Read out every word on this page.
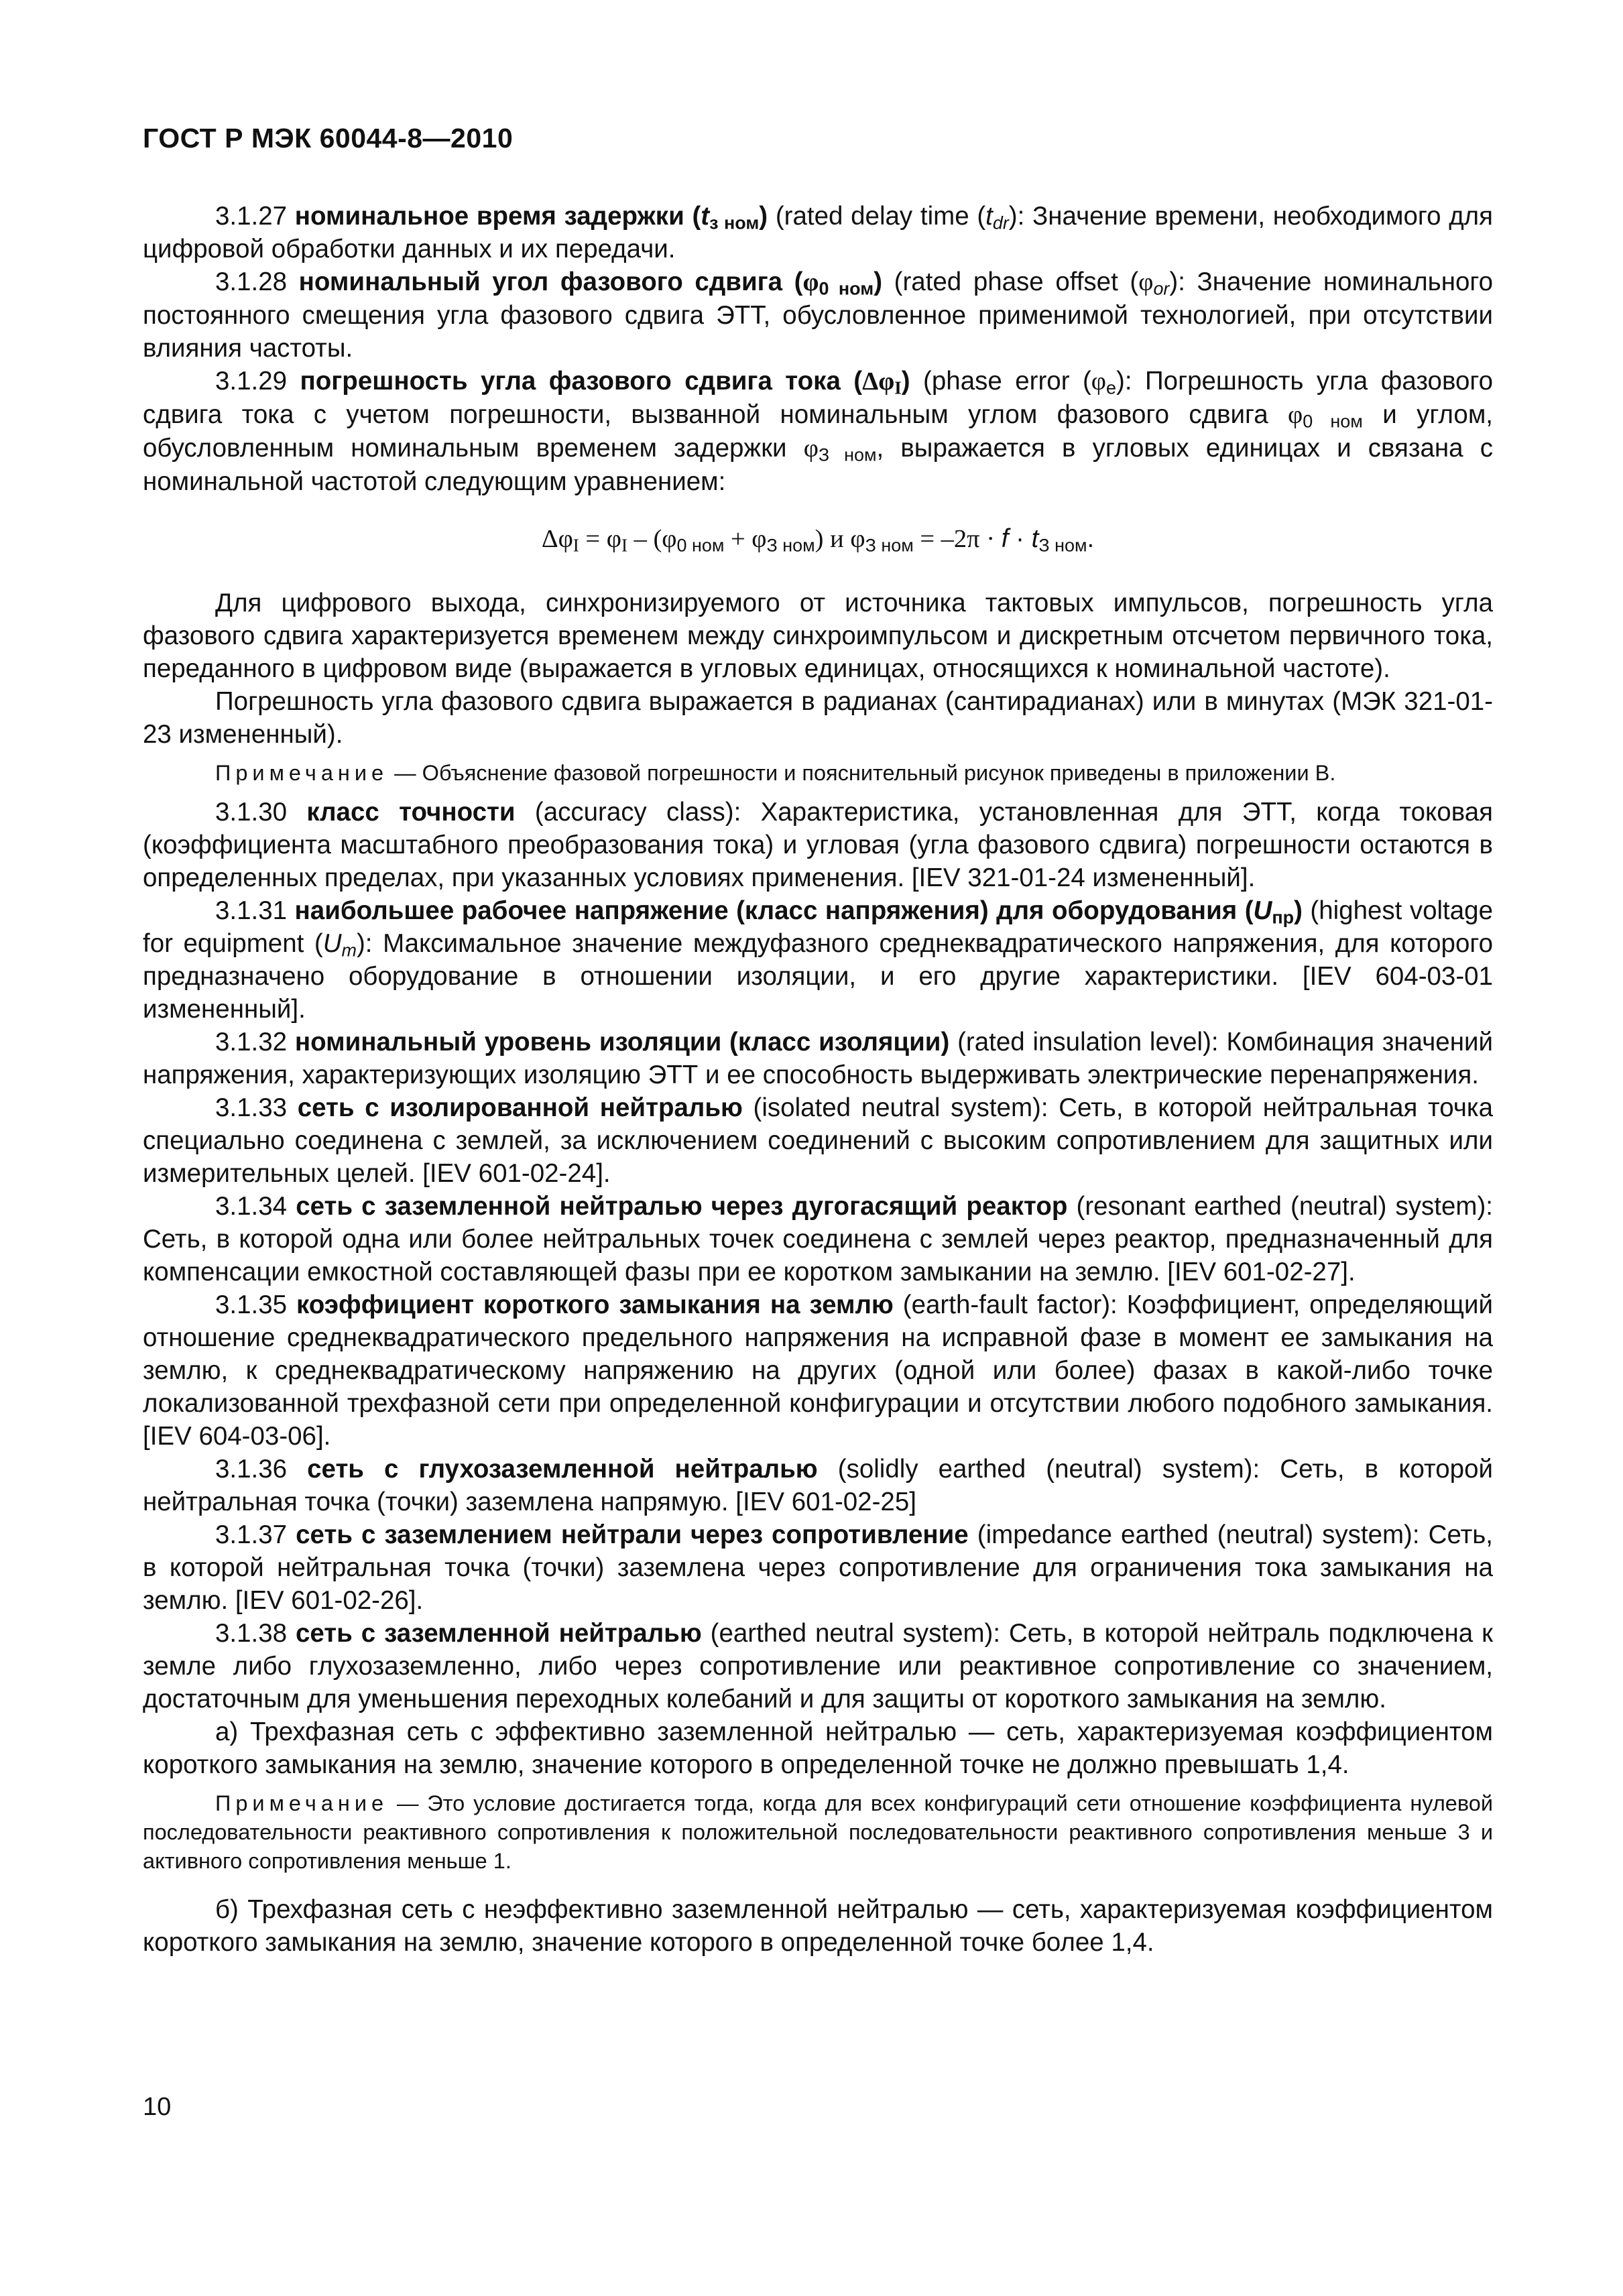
ГОСТ Р МЭК 60044-8—2010

3.1.27 номинальное время задержки $(t_{з ном})$ (rated delay time $(t_{dr})$: Значение времени, необходимого для цифровой обработки данных и их передачи.

3.1.28 номинальный угол фазового сдвига $(\varphi_{0 ном})$ (rated phase offset $(\varphi_{or})$: Значение номинального постоянного смещения угла фазового сдвига ЭТТ, обусловленное применимой технологией, при отсутствии влияния частоты.

3.1.29 погрешность угла фазового сдвига тока $(\Delta\varphi_I)$ (phase error $(\varphi_e)$: Погрешность угла фазового сдвига тока с учетом погрешности, вызванной номинальным углом фазового сдвига $\varphi_{0 ном}$ и углом, обусловленным номинальным временем задержки $\varphi_{З ном}$, выражается в угловых единицах и связана с номинальной частотой следующим уравнением:

$\Delta\varphi_I = \varphi_I - (\varphi_{0 ном} + \varphi_{З ном})$ и $\varphi_{З ном} = -2\pi \cdot f \cdot t_{З ном}$.

Для цифрового выхода, синхронизируемого от источника тактовых импульсов, погрешность угла фазового сдвига характеризуется временем между синхроимпульсом и дискретным отсчетом первичного тока, переданного в цифровом виде (выражается в угловых единицах, относящихся к номинальной частоте).

Погрешность угла фазового сдвига выражается в радианах (сантирадианах) или в минутах (МЭК 321-01-23 измененный).

Примечание — Объяснение фазовой погрешности и пояснительный рисунок приведены в приложении В.

3.1.30 класс точности (accuracy class): Характеристика, установленная для ЭТТ, когда токовая (коэффициента масштабного преобразования тока) и угловая (угла фазового сдвига) погрешности остаются в определенных пределах, при указанных условиях применения. [IEV 321-01-24 измененный].

3.1.31 наибольшее рабочее напряжение (класс напряжения) для оборудования $(U_{пр})$ (highest voltage for equipment $(U_m)$: Максимальное значение междуфазного среднеквадратического напряжения, для которого предназначено оборудование в отношении изоляции, и его другие характеристики. [IEV 604-03-01 измененный].

3.1.32 номинальный уровень изоляции (класс изоляции) (rated insulation level): Комбинация значений напряжения, характеризующих изоляцию ЭТТ и ее способность выдерживать электрические перенапряжения.

3.1.33 сеть с изолированной нейтралью (isolated neutral system): Сеть, в которой нейтральная точка специально соединена с землей, за исключением соединений с высоким сопротивлением для защитных или измерительных целей. [IEV 601-02-24].

3.1.34 сеть с заземленной нейтралью через дугогасящий реактор (resonant earthed (neutral) system): Сеть, в которой одна или более нейтральных точек соединена с землей через реактор, предназначенный для компенсации емкостной составляющей фазы при ее коротком замыкании на землю. [IEV 601-02-27].

3.1.35 коэффициент короткого замыкания на землю (earth-fault factor): Коэффициент, определяющий отношение среднеквадратического предельного напряжения на исправной фазе в момент ее замыкания на землю, к среднеквадратическому напряжению на других (одной или более) фазах в какой-либо точке локализованной трехфазной сети при определенной конфигурации и отсутствии любого подобного замыкания. [IEV 604-03-06].

3.1.36 сеть с глухозаземленной нейтралью (solidly earthed (neutral) system): Сеть, в которой нейтральная точка (точки) заземлена напрямую. [IEV 601-02-25]

3.1.37 сеть с заземлением нейтрали через сопротивление (impedance earthed (neutral) system): Сеть, в которой нейтральная точка (точки) заземлена через сопротивление для ограничения тока замыкания на землю. [IEV 601-02-26].

3.1.38 сеть с заземленной нейтралью (earthed neutral system): Сеть, в которой нейтраль подключена к земле либо глухозаземленно, либо через сопротивление или реактивное сопротивление со значением, достаточным для уменьшения переходных колебаний и для защиты от короткого замыкания на землю.

а) Трехфазная сеть с эффективно заземленной нейтралью — сеть, характеризуемая коэффициентом короткого замыкания на землю, значение которого в определенной точке не должно превышать 1,4.

Примечание — Это условие достигается тогда, когда для всех конфигураций сети отношение коэффициента нулевой последовательности реактивного сопротивления к положительной последовательности реактивного сопротивления меньше 3 и активного сопротивления меньше 1.

б) Трехфазная сеть с неэффективно заземленной нейтралью — сеть, характеризуемая коэффициентом короткого замыкания на землю, значение которого в определенной точке более 1,4.

10
